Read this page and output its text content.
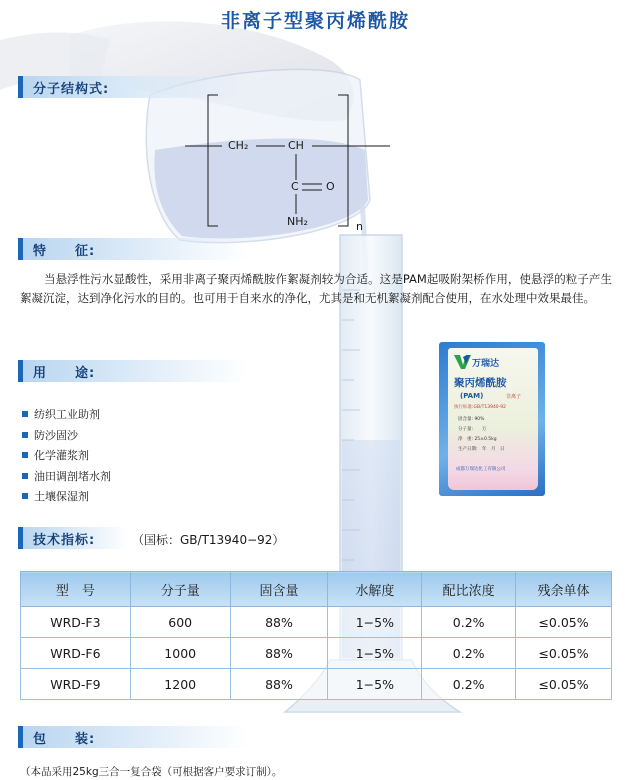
非离子型聚丙烯酰胺
分子结构式:
CH₂	CH
C O
NH₂	n
特　　征:

当悬浮性污水显酸性，采用非离子聚丙烯酰胺作絮凝剂较为合适。这是PAM起吸附架桥作用，使悬浮的粒子产生絮凝沉淀，达到净化污水的目的。也可用于自来水的净化，尤其是和无机絮凝剂配合使用，在水处理中效果最佳。

用　　途:
纺织工业助剂
防沙固沙
化学灌浆剂
油田调剖堵水剂
土壤保湿剂
万瑞达
聚丙烯酰胺
(PAM)	非离子
执行标准:GB/T13940-92
固含量: 90%
分子量:　　万
净　重: 25±0.5kg
生产日期:　年　月　日
成都万瑞达化工有限公司
技术指标:	（国标：GB/T13940−92）
型　号	分子量	固含量	水解度	配比浓度	残余单体
WRD-F3	600	88%	1−5%	0.2%	≤0.05%
WRD-F6	1000	88%	1−5%	0.2%	≤0.05%
WRD-F9	1200	88%	1−5%	0.2%	≤0.05%
包　　装:
（本品采用25kg三合一复合袋（可根据客户要求订制）。
